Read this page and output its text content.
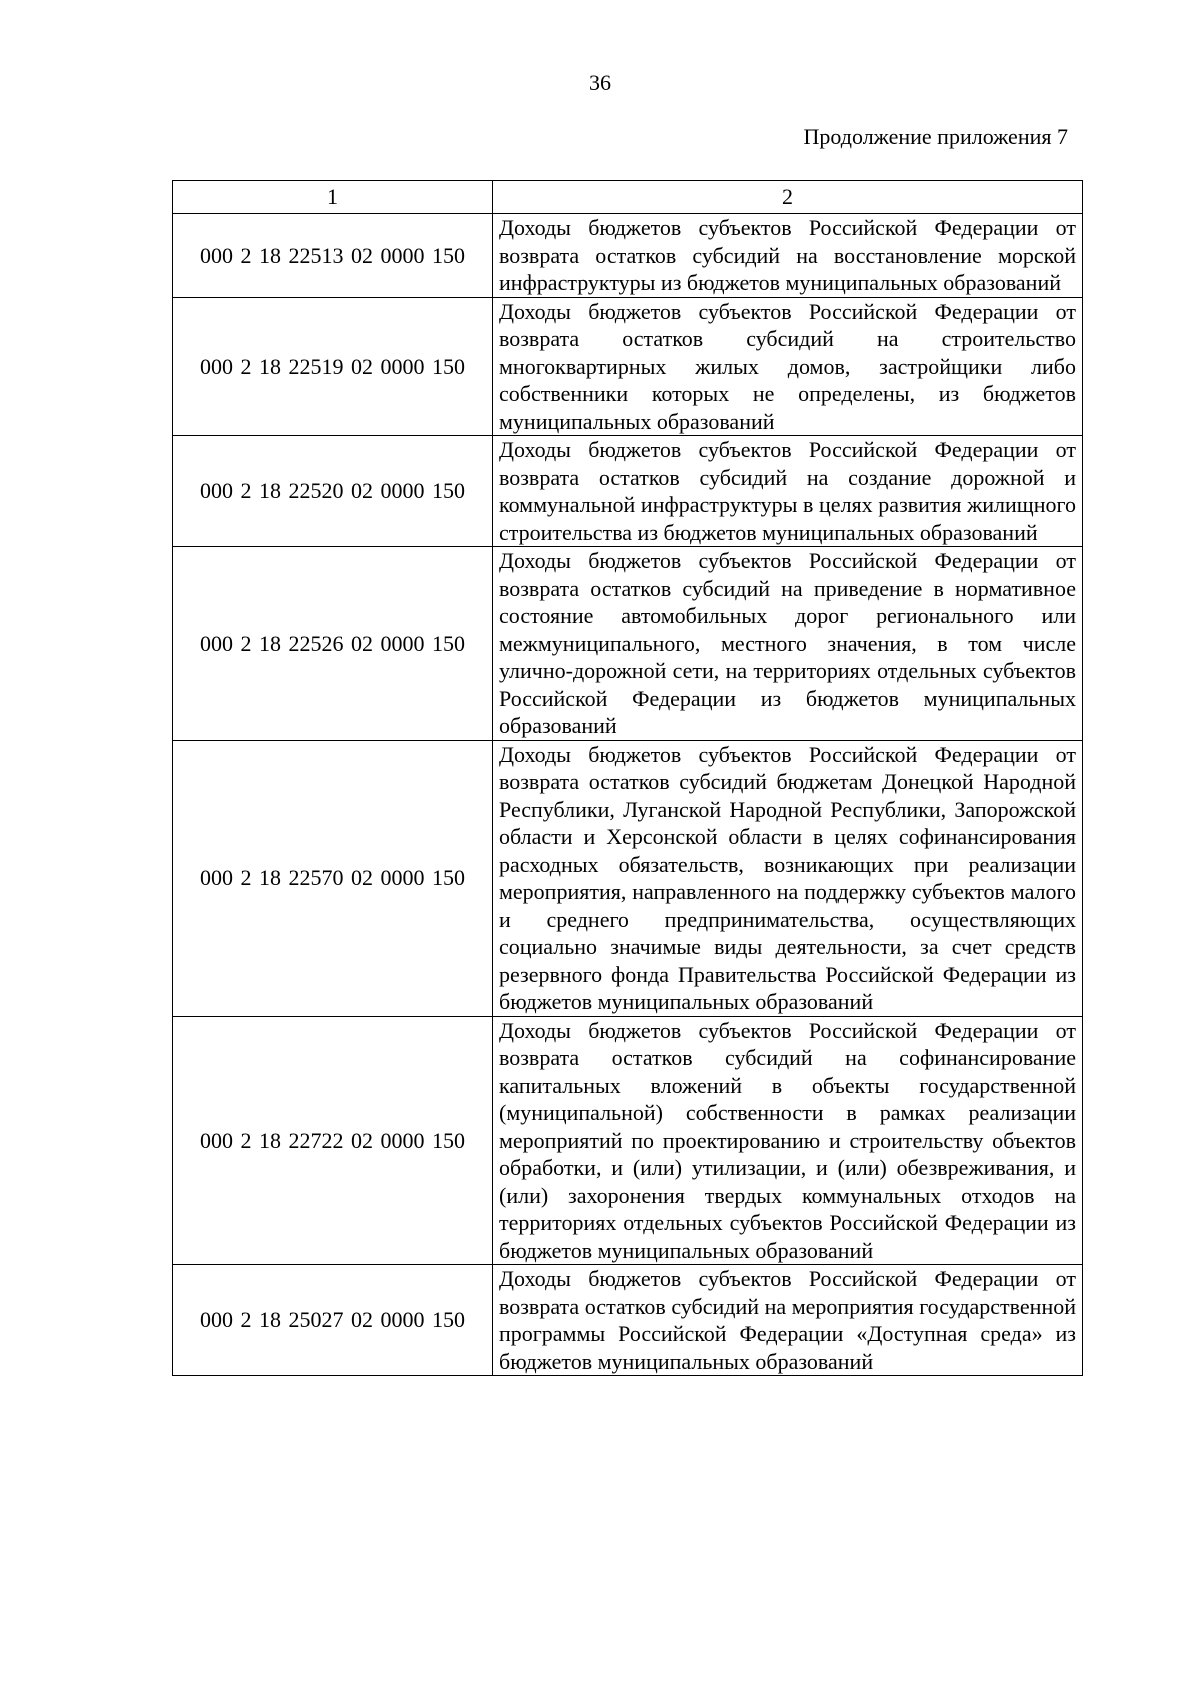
36
Продолжение приложения 7
1	2
000 2 18 22513 02 0000 150	Доходы бюджетов субъектов Российской Федерации от возврата остатков субсидий на восстановление морской инфраструктуры из бюджетов муниципальных образований
000 2 18 22519 02 0000 150	Доходы бюджетов субъектов Российской Федерации от возврата остатков субсидий на строительство многоквартирных жилых домов, застройщики либо собственники которых не определены, из бюджетов муниципальных образований
000 2 18 22520 02 0000 150	Доходы бюджетов субъектов Российской Федерации от возврата остатков субсидий на создание дорожной и коммунальной инфраструктуры в целях развития жилищного строительства из бюджетов муниципальных образований
000 2 18 22526 02 0000 150	Доходы бюджетов субъектов Российской Федерации от возврата остатков субсидий на приведение в нормативное состояние автомобильных дорог регионального или межмуниципального, местного значения, в том числе улично-дорожной сети, на территориях отдельных субъектов Российской Федерации из бюджетов муниципальных образований
000 2 18 22570 02 0000 150	Доходы бюджетов субъектов Российской Федерации от возврата остатков субсидий бюджетам Донецкой Народной Республики, Луганской Народной Республики, Запорожской области и Херсонской области в целях софинансирования расходных обязательств, возникающих при реализации мероприятия, направленного на поддержку субъектов малого и среднего предпринимательства, осуществляющих социально значимые виды деятельности, за счет средств резервного фонда Правительства Российской Федерации из бюджетов муниципальных образований
000 2 18 22722 02 0000 150	Доходы бюджетов субъектов Российской Федерации от возврата остатков субсидий на софинансирование капитальных вложений в объекты государственной (муниципальной) собственности в рамках реализации мероприятий по проектированию и строительству объектов обработки, и (или) утилизации, и (или) обезвреживания, и (или) захоронения твердых коммунальных отходов на территориях отдельных субъектов Российской Федерации из бюджетов муниципальных образований
000 2 18 25027 02 0000 150	Доходы бюджетов субъектов Российской Федерации от возврата остатков субсидий на мероприятия государственной программы Российской Федерации «Доступная среда» из бюджетов муниципальных образований
